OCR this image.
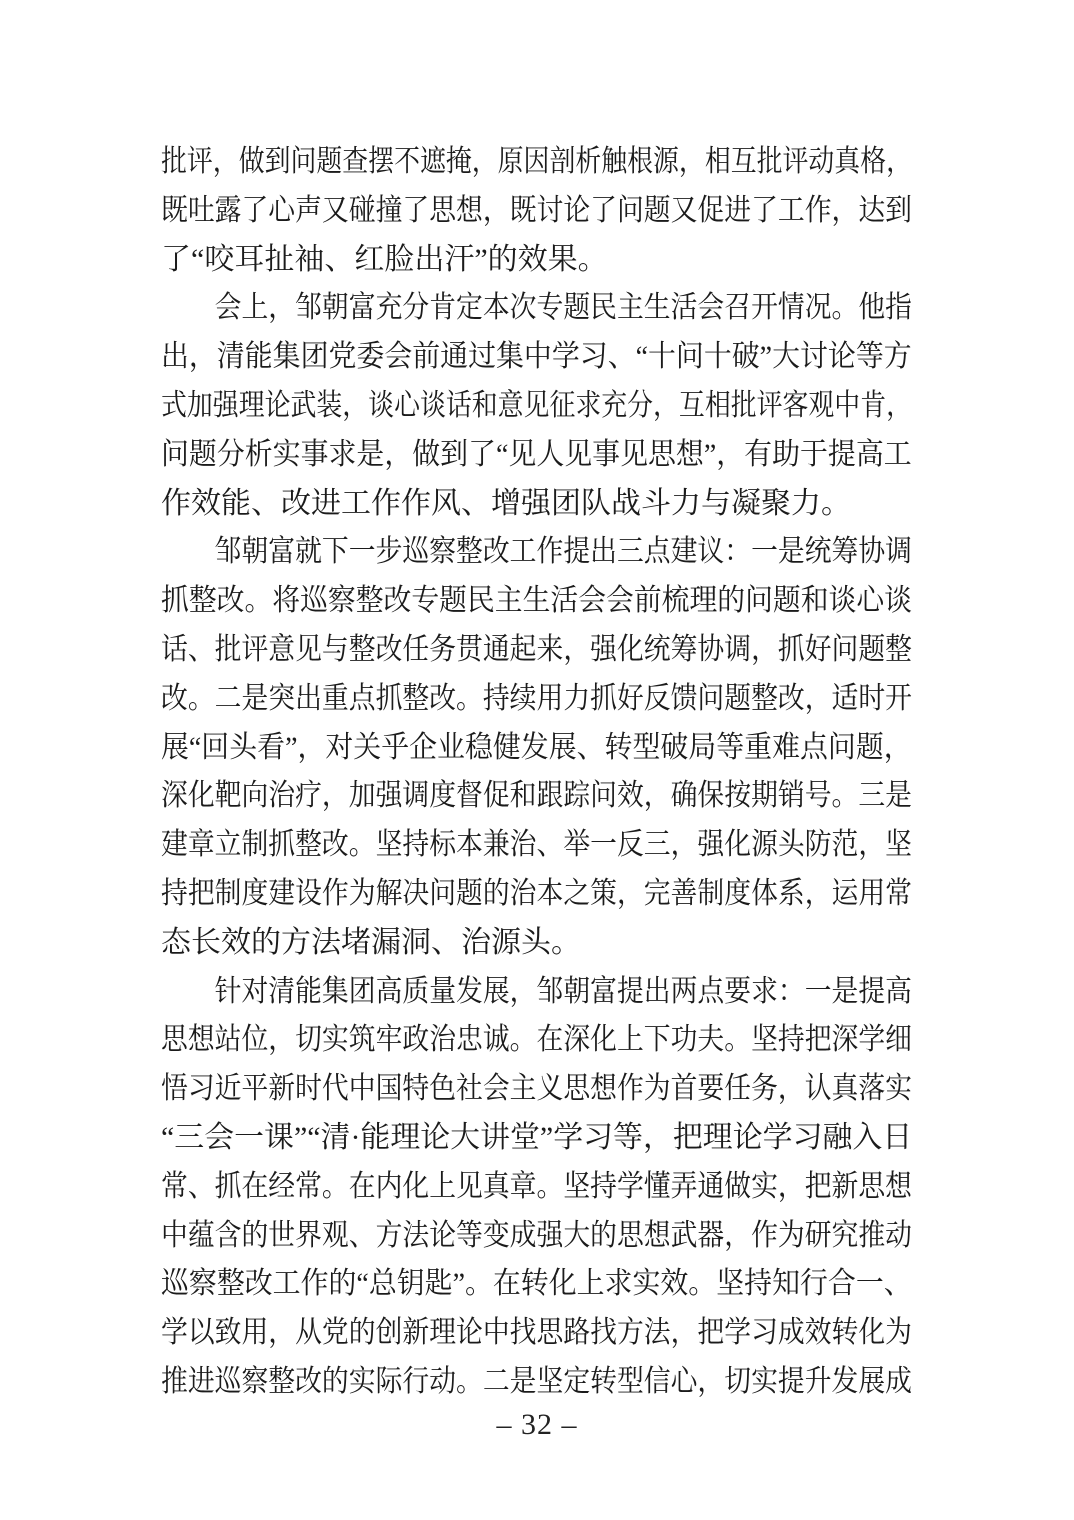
批评，做到问题查摆不遮掩，原因剖析触根源，相互批评动真格，
既吐露了心声又碰撞了思想，既讨论了问题又促进了工作，达到
了“咬耳扯袖、红脸出汗”的效果。
会上，邹朝富充分肯定本次专题民主生活会召开情况。他指
出，清能集团党委会前通过集中学习、“十问十破”大讨论等方
式加强理论武装，谈心谈话和意见征求充分，互相批评客观中肯，
问题分析实事求是，做到了“见人见事见思想”，有助于提高工
作效能、改进工作作风、增强团队战斗力与凝聚力。
邹朝富就下一步巡察整改工作提出三点建议：一是统筹协调
抓整改。将巡察整改专题民主生活会会前梳理的问题和谈心谈
话、批评意见与整改任务贯通起来，强化统筹协调，抓好问题整
改。二是突出重点抓整改。持续用力抓好反馈问题整改，适时开
展“回头看”，对关乎企业稳健发展、转型破局等重难点问题，
深化靶向治疗，加强调度督促和跟踪问效，确保按期销号。三是
建章立制抓整改。坚持标本兼治、举一反三，强化源头防范，坚
持把制度建设作为解决问题的治本之策，完善制度体系，运用常
态长效的方法堵漏洞、治源头。
针对清能集团高质量发展，邹朝富提出两点要求：一是提高
思想站位，切实筑牢政治忠诚。在深化上下功夫。坚持把深学细
悟习近平新时代中国特色社会主义思想作为首要任务，认真落实
“三会一课”“清·能理论大讲堂”学习等，把理论学习融入日
常、抓在经常。在内化上见真章。坚持学懂弄通做实，把新思想
中蕴含的世界观、方法论等变成强大的思想武器，作为研究推动
巡察整改工作的“总钥匙”。在转化上求实效。坚持知行合一、
学以致用，从党的创新理论中找思路找方法，把学习成效转化为
推进巡察整改的实际行动。二是坚定转型信心，切实提升发展成
– 32 –
